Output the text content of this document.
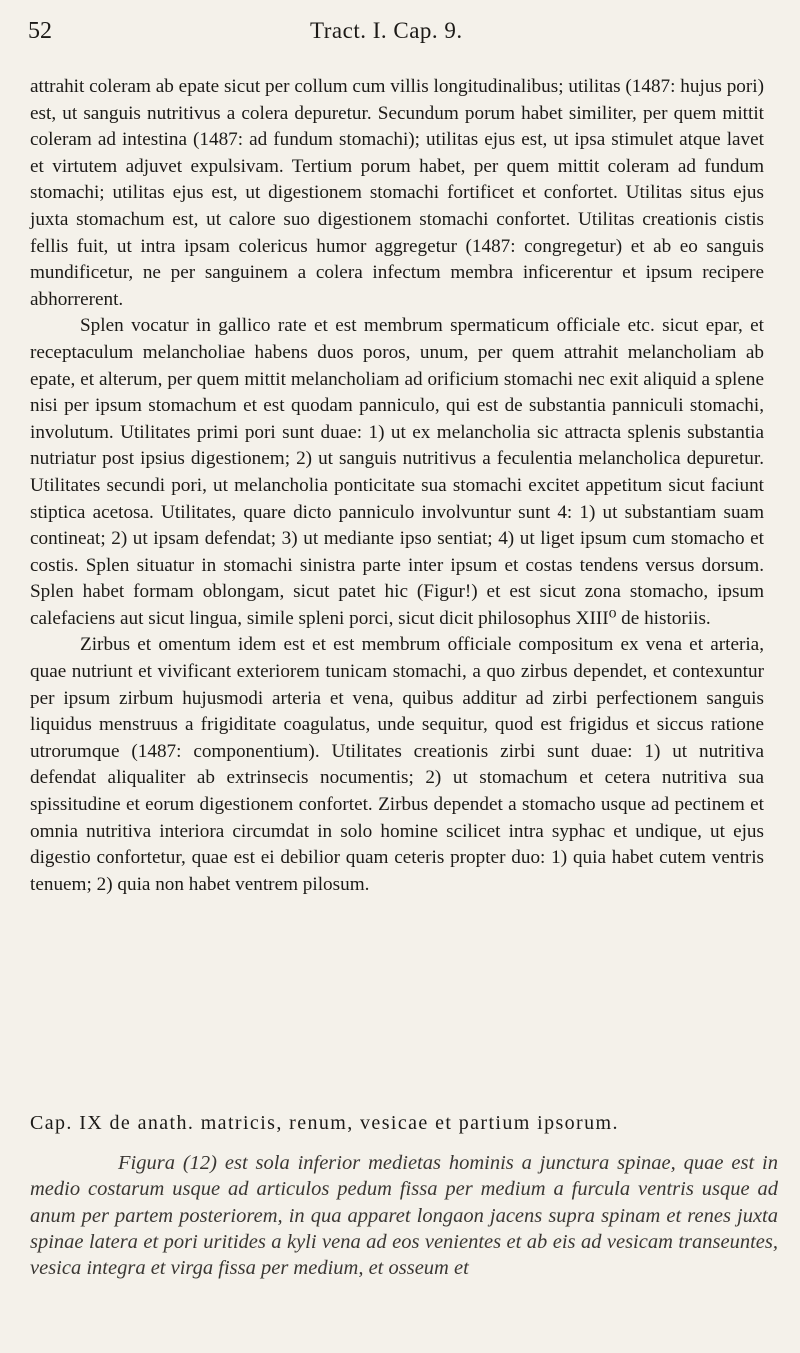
52	Tract. I. Cap. 9.

attrahit coleram ab epate sicut per collum cum villis longitudinalibus; utilitas (1487: hujus pori) est, ut sanguis nutritivus a colera depuretur. Secundum porum habet similiter, per quem mittit coleram ad intestina (1487: ad fundum stomachi); utilitas ejus est, ut ipsa stimulet atque lavet et virtutem adjuvet expulsivam. Tertium porum habet, per quem mittit coleram ad fundum stomachi; utilitas ejus est, ut digestionem stomachi fortificet et confortet. Utilitas situs ejus juxta stomachum est, ut calore suo digestionem stomachi confortet. Utilitas creationis cistis fellis fuit, ut intra ipsam colericus humor aggregetur (1487: congregetur) et ab eo sanguis mundificetur, ne per sanguinem a colera infectum membra inficerentur et ipsum recipere abhorrerent.

Splen vocatur in gallico rate et est membrum spermaticum officiale etc. sicut epar, et receptaculum melancholiae habens duos poros, unum, per quem attrahit melancholiam ab epate, et alterum, per quem mittit melancholiam ad orificium stomachi nec exit aliquid a splene nisi per ipsum stomachum et est quodam panniculo, qui est de substantia panniculi stomachi, involutum. Utilitates primi pori sunt duae: 1) ut ex melancholia sic attracta splenis substantia nutriatur post ipsius digestionem; 2) ut sanguis nutritivus a feculentia melancholica depuretur. Utilitates secundi pori, ut melancholia ponticitate sua stomachi excitet appetitum sicut faciunt stiptica acetosa. Utilitates, quare dicto panniculo involvuntur sunt 4: 1) ut substantiam suam contineat; 2) ut ipsam defendat; 3) ut mediante ipso sentiat; 4) ut liget ipsum cum stomacho et costis. Splen situatur in stomachi sinistra parte inter ipsum et costas tendens versus dorsum. Splen habet formam oblongam, sicut patet hic (Figur!) et est sicut zona stomacho, ipsum calefaciens aut sicut lingua, simile spleni porci, sicut dicit philosophus XIII⁰ de historiis.

Zirbus et omentum idem est et est membrum officiale compositum ex vena et arteria, quae nutriunt et vivificant exteriorem tunicam stomachi, a quo zirbus dependet, et contexuntur per ipsum zirbum hujusmodi arteria et vena, quibus additur ad zirbi perfectionem sanguis liquidus menstruus a frigiditate coagulatus, unde sequitur, quod est frigidus et siccus ratione utrorumque (1487: componentium). Utilitates creationis zirbi sunt duae: 1) ut nutritiva defendat aliqualiter ab extrinsecis nocumentis; 2) ut stomachum et cetera nutritiva sua spissitudine et eorum digestionem confortet. Zirbus dependet a stomacho usque ad pectinem et omnia nutritiva interiora circumdat in solo homine scilicet intra syphac et undique, ut ejus digestio confortetur, quae est ei debilior quam ceteris propter duo: 1) quia habet cutem ventris tenuem; 2) quia non habet ventrem pilosum.

Cap. IX de anath. matricis, renum, vesicae et partium ipsorum.
Figura (12) est sola inferior medietas hominis a junctura spinae, quae est in medio costarum usque ad articulos pedum fissa per medium a furcula ventris usque ad anum per partem posteriorem, in qua apparet longaon jacens supra spinam et renes juxta spinae latera et pori uritides a kyli vena ad eos venientes et ab eis ad vesicam transeuntes, vesica integra et virga fissa per medium, et osseum et
